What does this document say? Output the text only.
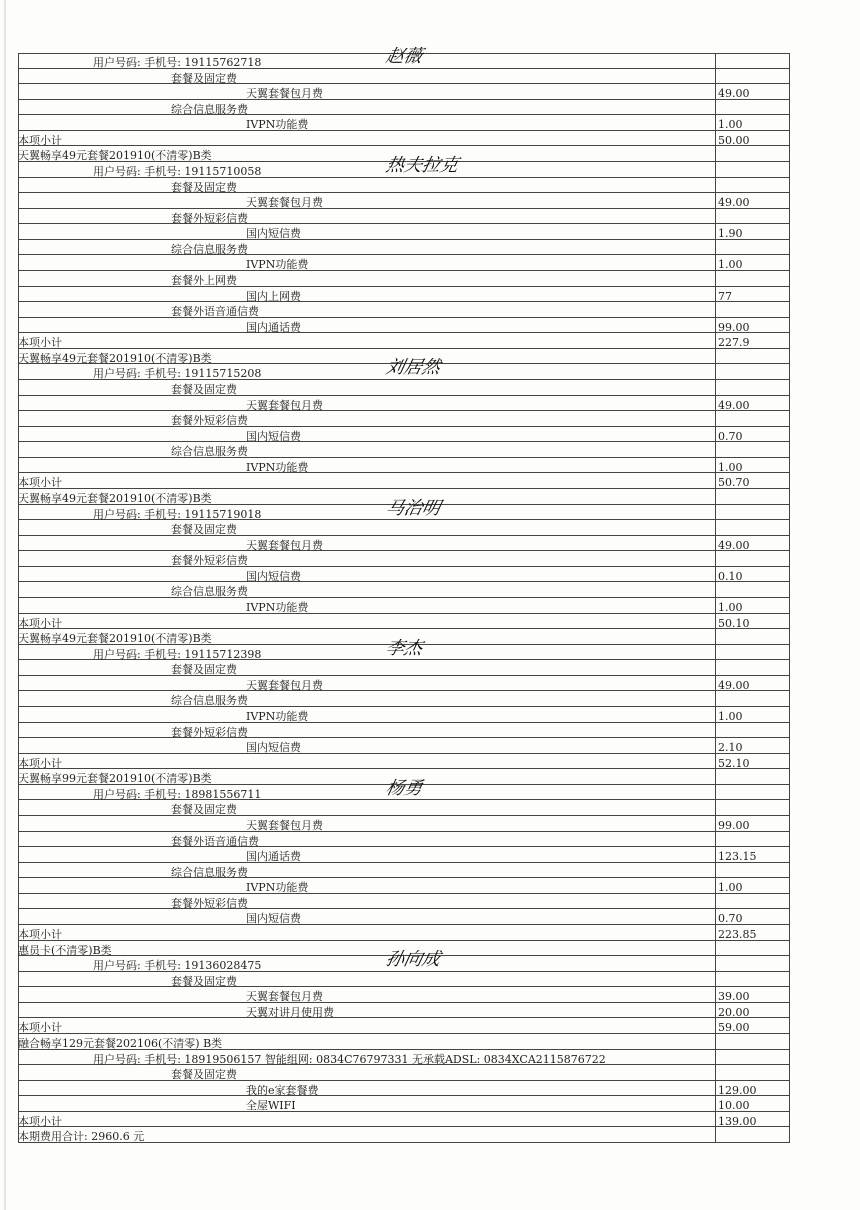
用户号码: 手机号: 19115762718	赵薇
套餐及固定费
天翼套餐包月费	49.00
综合信息服务费
IVPN功能费	1.00
本项小计	50.00
天翼畅享49元套餐201910(不清零)B类
用户号码: 手机号: 19115710058	热夫拉克
套餐及固定费
天翼套餐包月费	49.00
套餐外短彩信费
国内短信费	1.90
综合信息服务费
IVPN功能费	1.00
套餐外上网费
国内上网费	77
套餐外语音通信费
国内通话费	99.00
本项小计	227.9
天翼畅享49元套餐201910(不清零)B类
用户号码: 手机号: 19115715208	刘居然
套餐及固定费
天翼套餐包月费	49.00
套餐外短彩信费
国内短信费	0.70
综合信息服务费
IVPN功能费	1.00
本项小计	50.70
天翼畅享49元套餐201910(不清零)B类
用户号码: 手机号: 19115719018	马治明
套餐及固定费
天翼套餐包月费	49.00
套餐外短彩信费
国内短信费	0.10
综合信息服务费
IVPN功能费	1.00
本项小计	50.10
天翼畅享49元套餐201910(不清零)B类
用户号码: 手机号: 19115712398	李杰
套餐及固定费
天翼套餐包月费	49.00
综合信息服务费
IVPN功能费	1.00
套餐外短彩信费
国内短信费	2.10
本项小计	52.10
天翼畅享99元套餐201910(不清零)B类
用户号码: 手机号: 18981556711	杨勇
套餐及固定费
天翼套餐包月费	99.00
套餐外语音通信费
国内通话费	123.15
综合信息服务费
IVPN功能费	1.00
套餐外短彩信费
国内短信费	0.70
本项小计	223.85
惠员卡(不清零)B类
用户号码: 手机号: 19136028475	孙向成
套餐及固定费
天翼套餐包月费	39.00
天翼对讲月使用费	20.00
本项小计	59.00
融合畅享129元套餐202106(不清零) B类
用户号码: 手机号: 18919506157 智能组网: 0834C76797331 无承载ADSL: 0834XCA2115876722
套餐及固定费
我的e家套餐费	129.00
全屋WIFI	10.00
本项小计	139.00
本期费用合计: 2960.6 元
